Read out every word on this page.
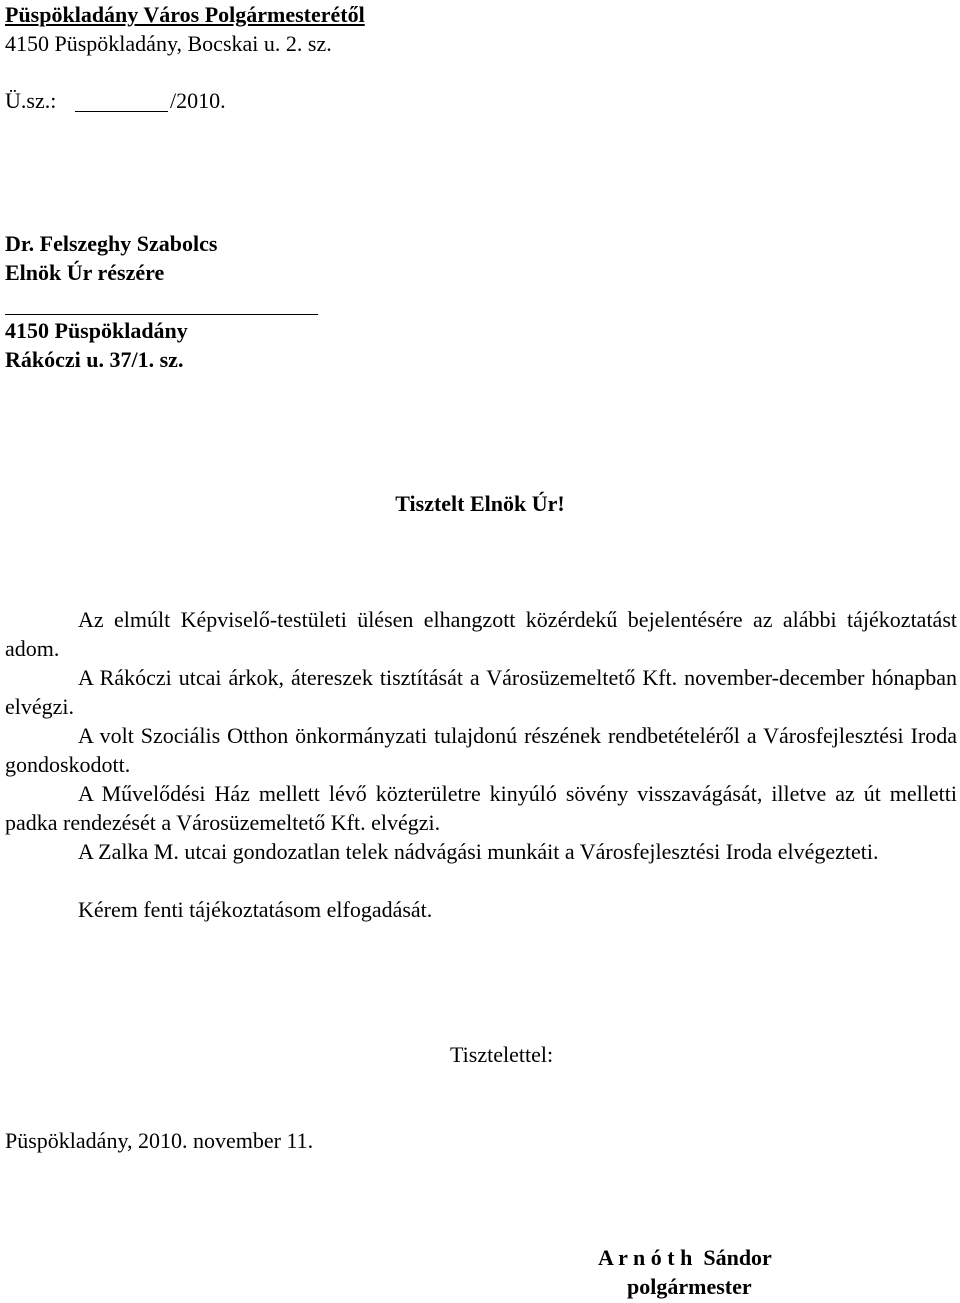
Püspökladány Város Polgármesterétől
4150 Püspökladány, Bocskai u. 2. sz.
Ü.sz.:	/2010.
Dr. Felszeghy Szabolcs
Elnök Úr részére
4150 Püspökladány
Rákóczi u. 37/1. sz.
Tisztelt Elnök Úr!
Az elmúlt Képviselő-testületi ülésen elhangzott közérdekű bejelentésére az alábbi tájékoztatást adom.
A Rákóczi utcai árkok, átereszek tisztítását a Városüzemeltető Kft. november-december hónapban elvégzi.
A volt Szociális Otthon önkormányzati tulajdonú részének rendbetételéről a Városfejlesztési Iroda gondoskodott.
A Művelődési Ház mellett lévő közterületre kinyúló sövény visszavágását, illetve az út melletti padka rendezését a Városüzemeltető Kft. elvégzi.
A Zalka M. utcai gondozatlan telek nádvágási munkáit a Városfejlesztési Iroda elvégezteti.
Kérem fenti tájékoztatásom elfogadását.
Tisztelettel:
Püspökladány, 2010. november 11.
A r n ó t h Sándor
polgármester
